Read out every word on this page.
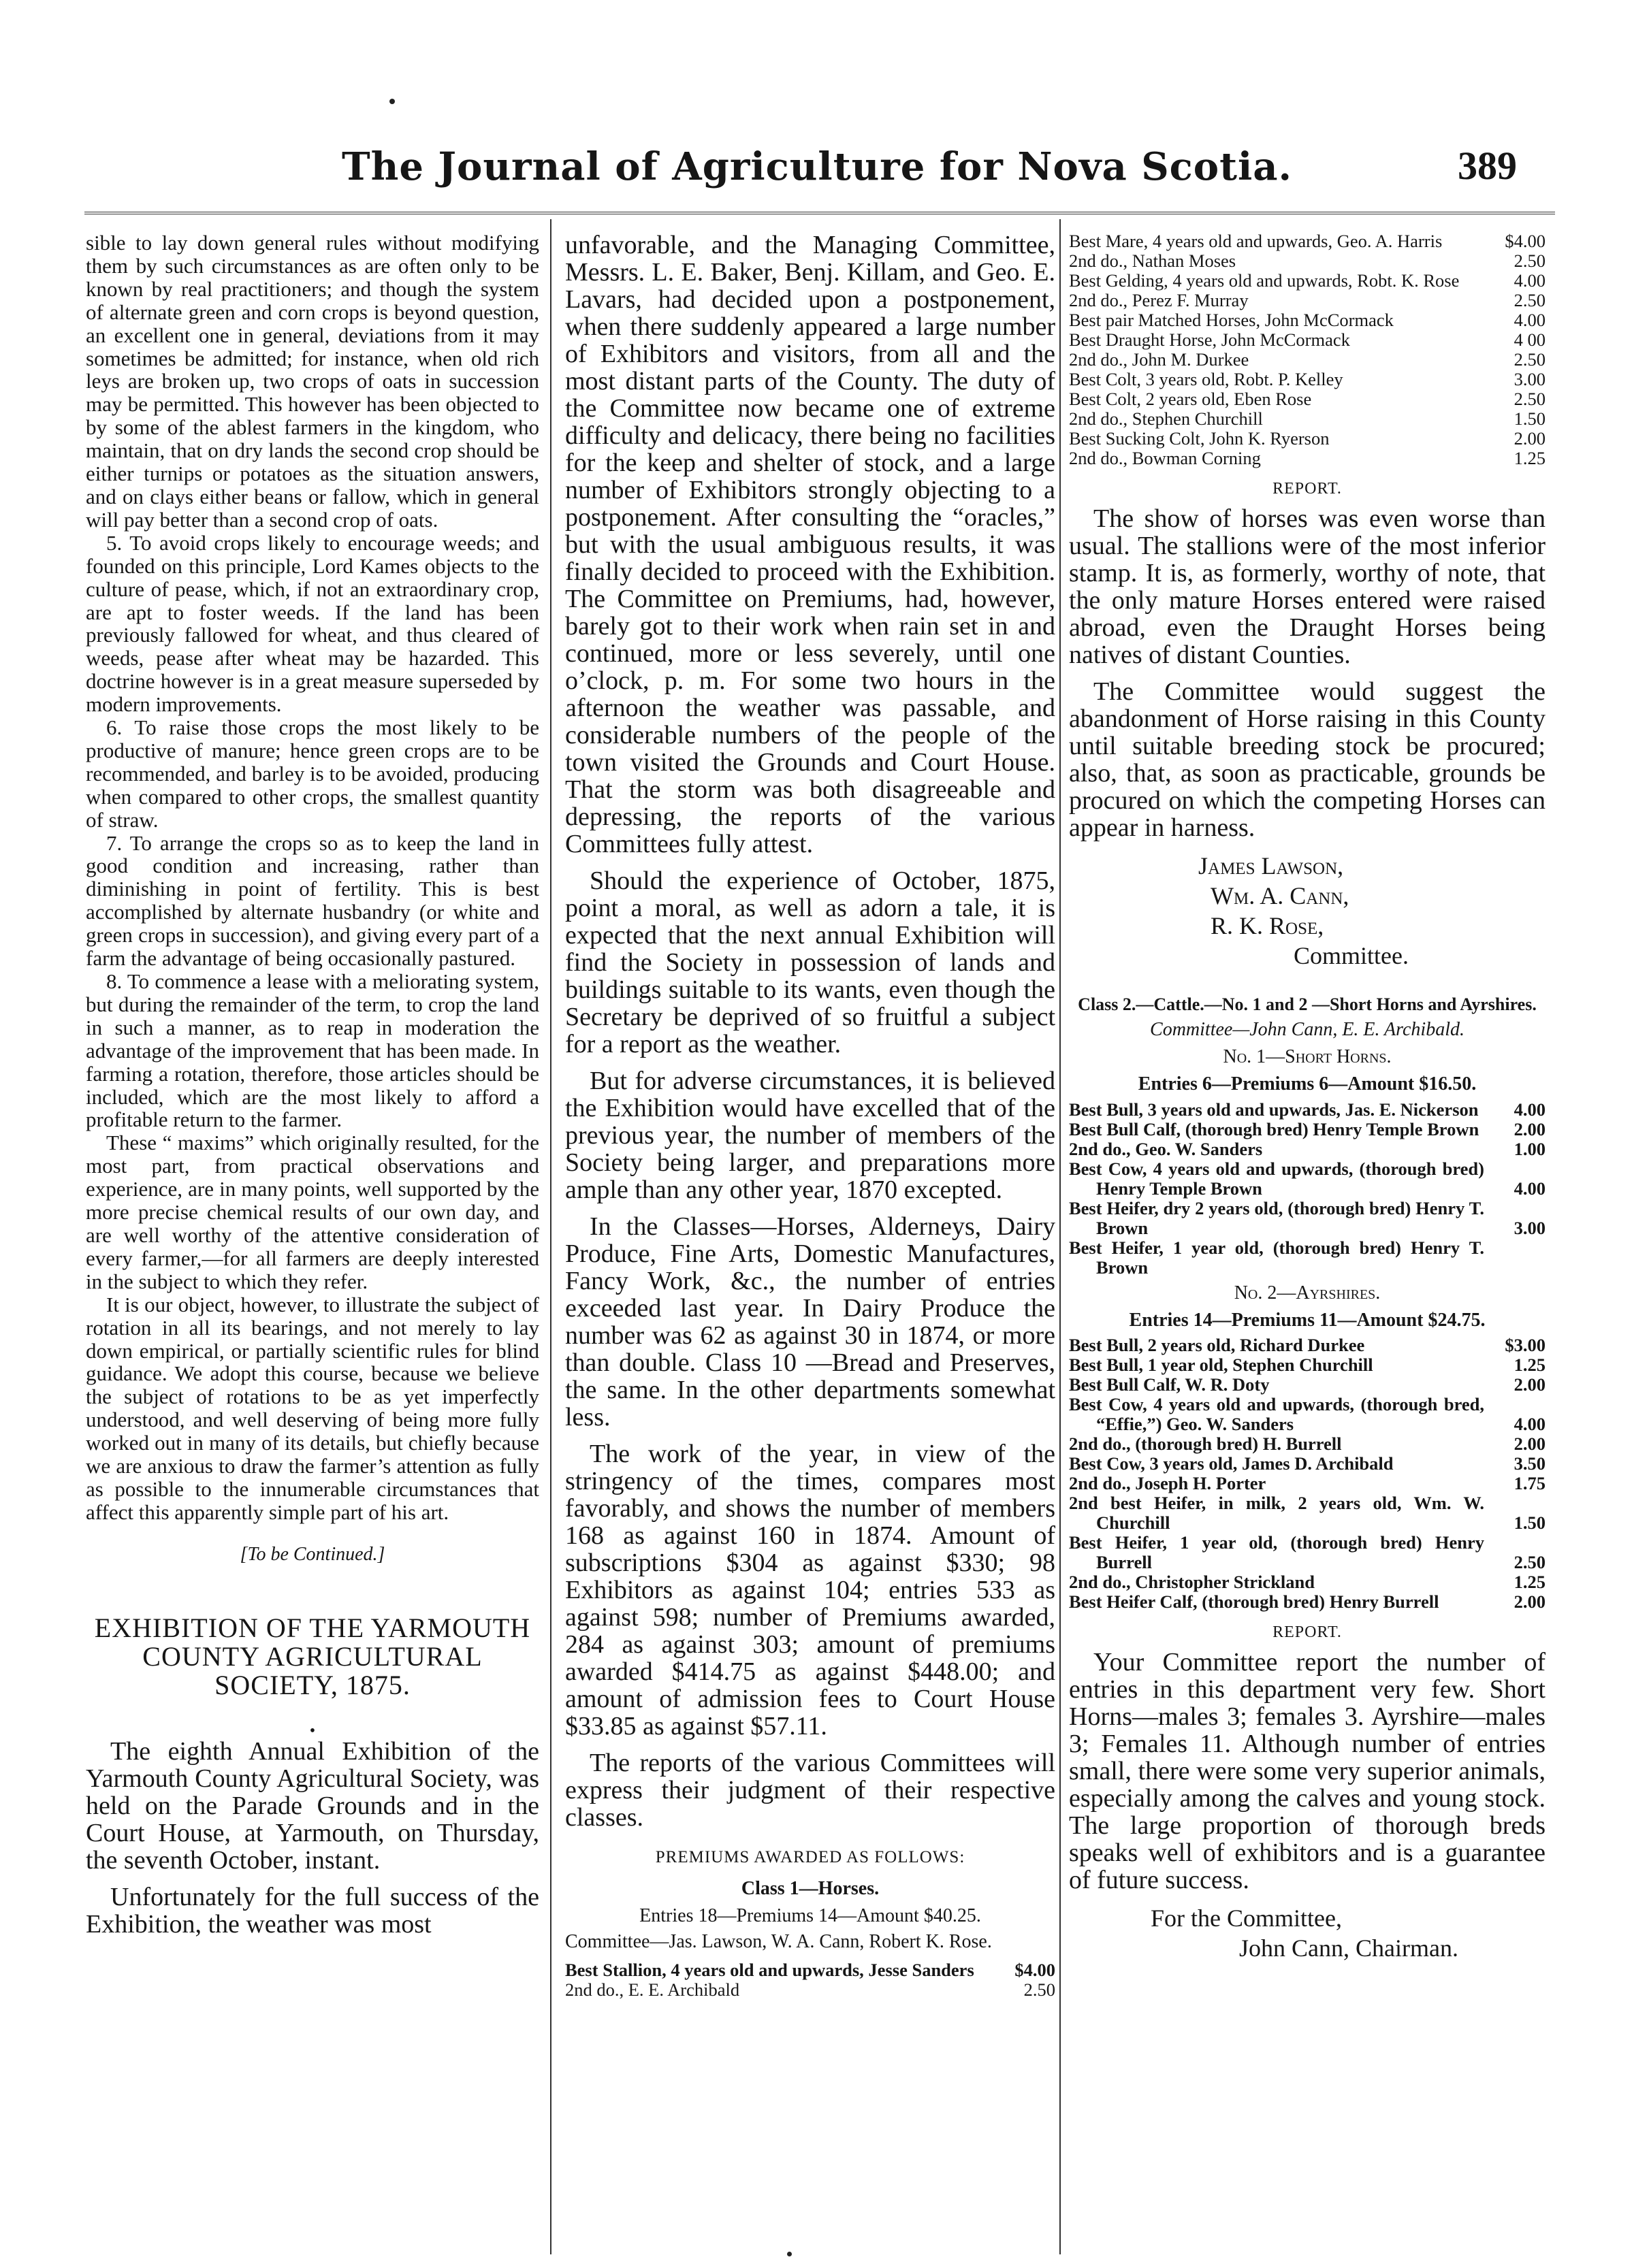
The Journal of Agriculture for Nova Scotia.	389

sible to lay down general rules without modifying them by such circumstances as are often only to be known by real practitioners; and though the system of alternate green and corn crops is beyond question, an excellent one in general, deviations from it may sometimes be admitted; for instance, when old rich leys are broken up, two crops of oats in succession may be permitted. This however has been objected to by some of the ablest farmers in the kingdom, who maintain, that on dry lands the second crop should be either turnips or potatoes as the situation answers, and on clays either beans or fallow, which in general will pay better than a second crop of oats.

5. To avoid crops likely to encourage weeds; and founded on this principle, Lord Kames objects to the culture of pease, which, if not an extraordinary crop, are apt to foster weeds. If the land has been previously fallowed for wheat, and thus cleared of weeds, pease after wheat may be hazarded. This doctrine however is in a great measure superseded by modern improvements.

6. To raise those crops the most likely to be productive of manure; hence green crops are to be recommended, and barley is to be avoided, producing when compared to other crops, the smallest quantity of straw.

7. To arrange the crops so as to keep the land in good condition and increasing, rather than diminishing in point of fertility. This is best accomplished by alternate husbandry (or white and green crops in succession), and giving every part of a farm the advantage of being occasionally pastured.

8. To commence a lease with a meliorating system, but during the remainder of the term, to crop the land in such a manner, as to reap in moderation the advantage of the improvement that has been made. In farming a rotation, therefore, those articles should be included, which are the most likely to afford a profitable return to the farmer.

These “ maxims” which originally resulted, for the most part, from practical observations and experience, are in many points, well supported by the more precise chemical results of our own day, and are well worthy of the attentive consideration of every farmer,—for all farmers are deeply interested in the subject to which they refer.

It is our object, however, to illustrate the subject of rotation in all its bearings, and not merely to lay down empirical, or partially scientific rules for blind guidance. We adopt this course, because we believe the subject of rotations to be as yet imperfectly understood, and well deserving of being more fully worked out in many of its details, but chiefly because we are anxious to draw the farmer’s attention as fully as possible to the innumerable circumstances that affect this apparently simple part of his art.

[To be Continued.]

EXHIBITION OF THE YARMOUTH COUNTY AGRICULTURAL SOCIETY, 1875.
•

The eighth Annual Exhibition of the Yarmouth County Agricultural Society, was held on the Parade Grounds and in the Court House, at Yarmouth, on Thursday, the seventh October, instant.

Unfortunately for the full success of the Exhibition, the weather was most

unfavorable, and the Managing Committee, Messrs. L. E. Baker, Benj. Killam, and Geo. E. Lavars, had decided upon a postponement, when there suddenly appeared a large number of Exhibitors and visitors, from all and the most distant parts of the County. The duty of the Committee now became one of extreme difficulty and delicacy, there being no facilities for the keep and shelter of stock, and a large number of Exhibitors strongly objecting to a postponement. After consulting the “oracles,” but with the usual ambiguous results, it was finally decided to proceed with the Exhibition. The Committee on Premiums, had, however, barely got to their work when rain set in and continued, more or less severely, until one o’clock, p. m. For some two hours in the afternoon the weather was passable, and considerable numbers of the people of the town visited the Grounds and Court House. That the storm was both disagreeable and depressing, the reports of the various Committees fully attest.

Should the experience of October, 1875, point a moral, as well as adorn a tale, it is expected that the next annual Exhibition will find the Society in possession of lands and buildings suitable to its wants, even though the Secretary be deprived of so fruitful a subject for a report as the weather.

But for adverse circumstances, it is believed the Exhibition would have excelled that of the previous year, the number of members of the Society being larger, and preparations more ample than any other year, 1870 excepted.

In the Classes—Horses, Alderneys, Dairy Produce, Fine Arts, Domestic Manufactures, Fancy Work, &c., the number of entries exceeded last year. In Dairy Produce the number was 62 as against 30 in 1874, or more than double. Class 10 —Bread and Preserves, the same. In the other departments somewhat less.

The work of the year, in view of the stringency of the times, compares most favorably, and shows the number of members 168 as against 160 in 1874. Amount of subscriptions $304 as against $330; 98 Exhibitors as against 104; entries 533 as against 598; number of Premiums awarded, 284 as against 303; amount of premiums awarded $414.75 as against $448.00; and amount of admission fees to Court House $33.85 as against $57.11.

The reports of the various Committees will express their judgment of their respective classes.

PREMIUMS AWARDED AS FOLLOWS:
Class 1—Horses.
Entries 18—Premiums 14—Amount $40.25.
Committee—Jas. Lawson, W. A. Cann, Robert K. Rose.
Best Stallion, 4 years old and upwards, Jesse Sanders	$4.00
2nd do., E. E. Archibald	2.50
Best Mare, 4 years old and upwards, Geo. A. Harris	$4.00
2nd do., Nathan Moses	2.50
Best Gelding, 4 years old and upwards, Robt. K. Rose	4.00
2nd do., Perez F. Murray	2.50
Best pair Matched Horses, John McCormack	4.00
Best Draught Horse, John McCormack	4 00
2nd do., John M. Durkee	2.50
Best Colt, 3 years old, Robt. P. Kelley	3.00
Best Colt, 2 years old, Eben Rose	2.50
2nd do., Stephen Churchill	1.50
Best Sucking Colt, John K. Ryerson	2.00
2nd do., Bowman Corning	1.25
REPORT.

The show of horses was even worse than usual. The stallions were of the most inferior stamp. It is, as formerly, worthy of note, that the only mature Horses entered were raised abroad, even the Draught Horses being natives of distant Counties.

The Committee would suggest the abandonment of Horse raising in this County until suitable breeding stock be procured; also, that, as soon as practicable, grounds be procured on which the competing Horses can appear in harness.

James Lawson,
Wm. A. Cann,
R. K. Rose,
Committee.
Class 2.—Cattle.—No. 1 and 2 —Short Horns and Ayrshires.
Committee—John Cann, E. E. Archibald.
No. 1—Short Horns.
Entries 6—Premiums 6—Amount $16.50.
Best Bull, 3 years old and upwards, Jas. E. Nickerson	4.00
Best Bull Calf, (thorough bred) Henry Temple Brown	2.00
2nd do., Geo. W. Sanders	1.00
Best Cow, 4 years old and upwards, (thorough bred) Henry Temple Brown	4.00
Best Heifer, dry 2 years old, (thorough bred) Henry T. Brown	3.00
Best Heifer, 1 year old, (thorough bred) Henry T. Brown
No. 2—Ayrshires.
Entries 14—Premiums 11—Amount $24.75.
Best Bull, 2 years old, Richard Durkee	$3.00
Best Bull, 1 year old, Stephen Churchill	1.25
Best Bull Calf, W. R. Doty	2.00
Best Cow, 4 years old and upwards, (thorough bred, “Effie,”) Geo. W. Sanders	4.00
2nd do., (thorough bred) H. Burrell	2.00
Best Cow, 3 years old, James D. Archibald	3.50
2nd do., Joseph H. Porter	1.75
2nd best Heifer, in milk, 2 years old, Wm. W. Churchill	1.50
Best Heifer, 1 year old, (thorough bred) Henry Burrell	2.50
2nd do., Christopher Strickland	1.25
Best Heifer Calf, (thorough bred) Henry Burrell	2.00
REPORT.

Your Committee report the number of entries in this department very few. Short Horns—males 3; females 3. Ayrshire—males 3; Females 11. Although number of entries small, there were some very superior animals, especially among the calves and young stock. The large proportion of thorough breds speaks well of exhibitors and is a guarantee of future success.

For the Committee,
John Cann, Chairman.
